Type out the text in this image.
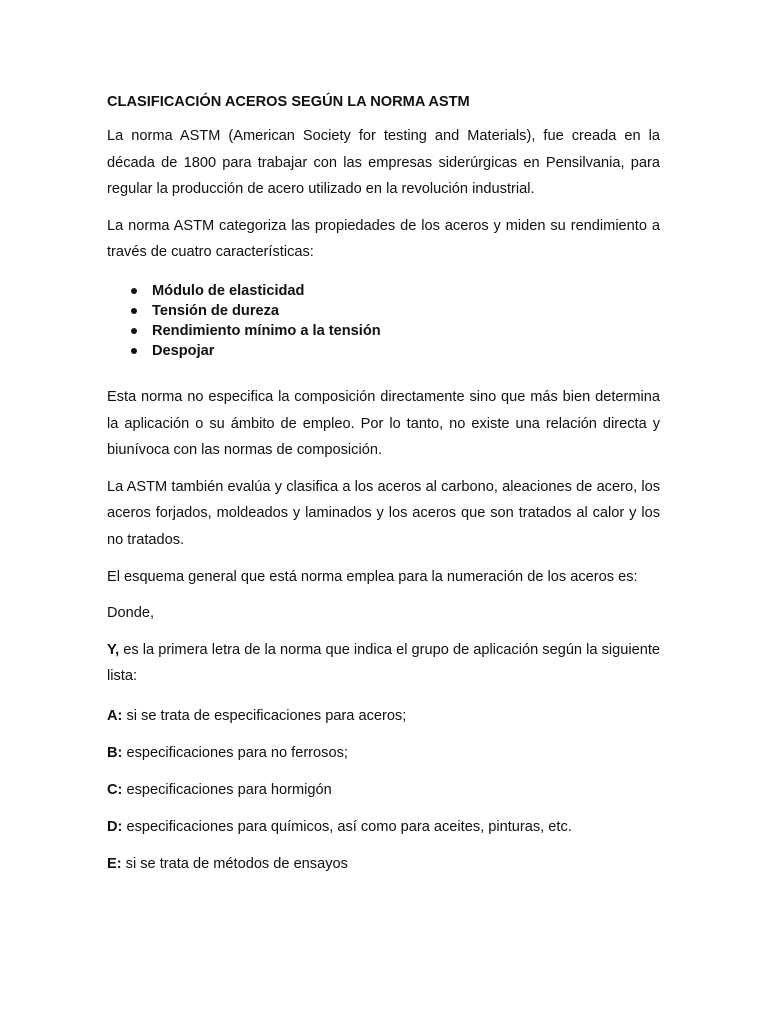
CLASIFICACIÓN ACEROS SEGÚN LA NORMA ASTM

La norma ASTM (American Society for testing and Materials), fue creada en la década de 1800 para trabajar con las empresas siderúrgicas en Pensilvania, para regular la producción de acero utilizado en la revolución industrial.

La norma ASTM categoriza las propiedades de los aceros y miden su rendimiento a través de cuatro características:

Módulo de elasticidad
Tensión de dureza
Rendimiento mínimo a la tensión
Despojar

Esta norma no especifica la composición directamente sino que más bien determina la aplicación o su ámbito de empleo. Por lo tanto, no existe una relación directa y biunívoca con las normas de composición.

La ASTM también evalúa y clasifica a los aceros al carbono, aleaciones de acero, los aceros forjados, moldeados y laminados y los aceros que son tratados al calor y los no tratados.

El esquema general que está norma emplea para la numeración de los aceros es:

Donde,

Y, es la primera letra de la norma que indica el grupo de aplicación según la siguiente lista:

A: si se trata de especificaciones para aceros;

B: especificaciones para no ferrosos;

C: especificaciones para hormigón

D: especificaciones para químicos, así como para aceites, pinturas, etc.

E: si se trata de métodos de ensayos
